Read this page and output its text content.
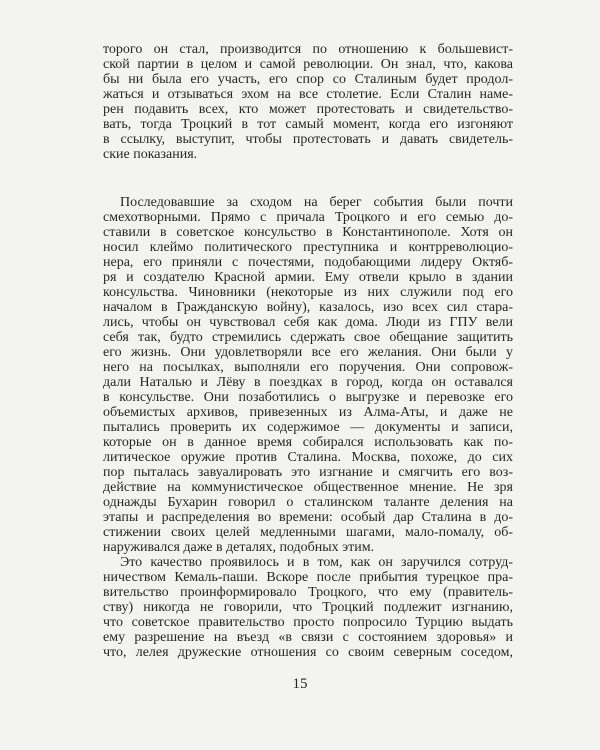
торого он стал, производится по отношению к большевист-
ской партии в целом и самой революции. Он знал, что, какова
бы ни была его участь, его спор со Сталиным будет продол-
жаться и отзываться эхом на все столетие. Если Сталин наме-
рен подавить всех, кто может протестовать и свидетельство-
вать, тогда Троцкий в тот самый момент, когда его изгоняют
в ссылку, выступит, чтобы протестовать и давать свидетель-
ские показания.
Последовавшие за сходом на берег события были почти
смехотворными. Прямо с причала Троцкого и его семью до-
ставили в советское консульство в Константинополе. Хотя он
носил клеймо политического преступника и контрреволюцио-
нера, его приняли с почестями, подобающими лидеру Октяб-
ря и создателю Красной армии. Ему отвели крыло в здании
консульства. Чиновники (некоторые из них служили под его
началом в Гражданскую войну), казалось, изо всех сил стара-
лись, чтобы он чувствовал себя как дома. Люди из ГПУ вели
себя так, будто стремились сдержать свое обещание защитить
его жизнь. Они удовлетворяли все его желания. Они были у
него на посылках, выполняли его поручения. Они сопровож-
дали Наталью и Лёву в поездках в город, когда он оставался
в консульстве. Они позаботились о выгрузке и перевозке его
объемистых архивов, привезенных из Алма-Аты, и даже не
пытались проверить их содержимое — документы и записи,
которые он в данное время собирался использовать как по-
литическое оружие против Сталина. Москва, похоже, до сих
пор пыталась завуалировать это изгнание и смягчить его воз-
действие на коммунистическое общественное мнение. Не зря
однажды Бухарин говорил о сталинском таланте деления на
этапы и распределения во времени: особый дар Сталина в до-
стижении своих целей медленными шагами, мало-помалу, об-
наруживался даже в деталях, подобных этим.
Это качество проявилось и в том, как он заручился сотруд-
ничеством Кемаль-паши. Вскоре после прибытия турецкое пра-
вительство проинформировало Троцкого, что ему (правитель-
ству) никогда не говорили, что Троцкий подлежит изгнанию,
что советское правительство просто попросило Турцию выдать
ему разрешение на въезд «в связи с состоянием здоровья» и
что, лелея дружеские отношения со своим северным соседом,
15
